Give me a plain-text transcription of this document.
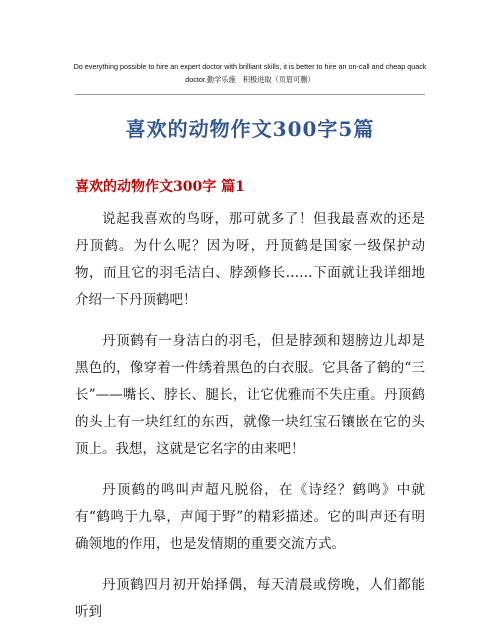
Do everything possible to hire an expert doctor with brilliant skills, it is better to hire an on-call and cheap quack doctor.勤学乐施　积极进取（页眉可删）
喜欢的动物作文300字5篇
喜欢的动物作文300字 篇1

说起我喜欢的鸟呀，那可就多了！但我最喜欢的还是丹顶鹤。为什么呢？因为呀，丹顶鹤是国家一级保护动物，而且它的羽毛洁白、脖颈修长……下面就让我详细地介绍一下丹顶鹤吧！

丹顶鹤有一身洁白的羽毛，但是脖颈和翅膀边儿却是黑色的，像穿着一件绣着黑色的白衣服。它具备了鹤的“三长”——嘴长、脖长、腿长，让它优雅而不失庄重。丹顶鹤的头上有一块红红的东西，就像一块红宝石镶嵌在它的头顶上。我想，这就是它名字的由来吧！

丹顶鹤的鸣叫声超凡脱俗，在《诗经？鹤鸣》中就有“鹤鸣于九皋，声闻于野”的精彩描述。它的叫声还有明确领地的作用，也是发情期的重要交流方式。

丹顶鹤四月初开始择偶，每天清晨或傍晚，人们都能听到
